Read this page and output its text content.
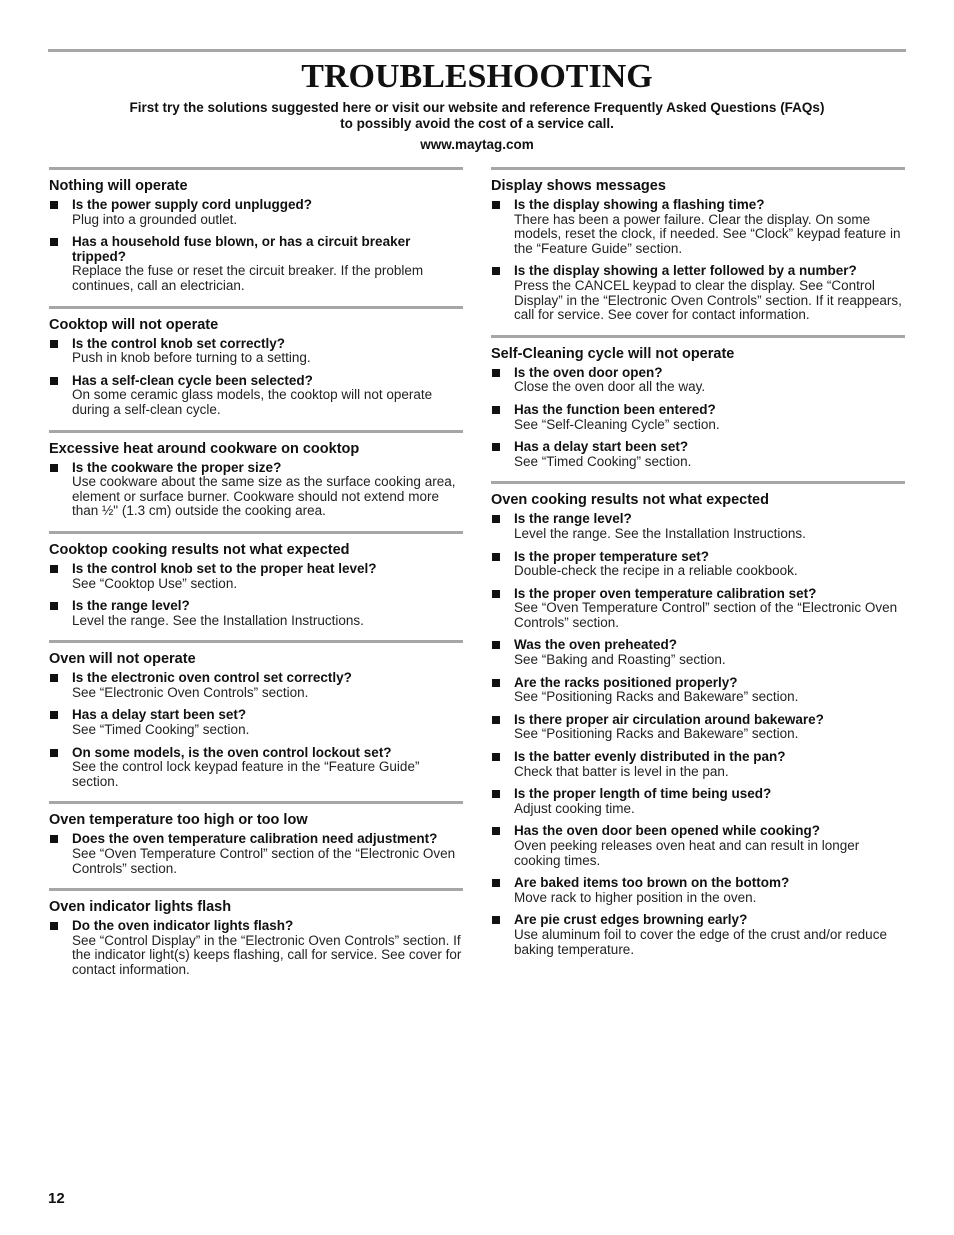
TROUBLESHOOTING
First try the solutions suggested here or visit our website and reference Frequently Asked Questions (FAQs)
to possibly avoid the cost of a service call.
www.maytag.com
Nothing will operate
Is the power supply cord unplugged?
Plug into a grounded outlet.
Has a household fuse blown, or has a circuit breaker tripped?
Replace the fuse or reset the circuit breaker. If the problem continues, call an electrician.
Cooktop will not operate
Is the control knob set correctly?
Push in knob before turning to a setting.
Has a self-clean cycle been selected?
On some ceramic glass models, the cooktop will not operate during a self-clean cycle.
Excessive heat around cookware on cooktop
Is the cookware the proper size?
Use cookware about the same size as the surface cooking area, element or surface burner. Cookware should not extend more than ½" (1.3 cm) outside the cooking area.
Cooktop cooking results not what expected
Is the control knob set to the proper heat level?
See “Cooktop Use” section.
Is the range level?
Level the range. See the Installation Instructions.
Oven will not operate
Is the electronic oven control set correctly?
See “Electronic Oven Controls” section.
Has a delay start been set?
See “Timed Cooking” section.
On some models, is the oven control lockout set?
See the control lock keypad feature in the “Feature Guide” section.
Oven temperature too high or too low
Does the oven temperature calibration need adjustment?
See “Oven Temperature Control” section of the “Electronic Oven Controls” section.
Oven indicator lights flash
Do the oven indicator lights flash?
See “Control Display” in the “Electronic Oven Controls” section. If the indicator light(s) keeps flashing, call for service. See cover for contact information.
Display shows messages
Is the display showing a flashing time?
There has been a power failure. Clear the display. On some models, reset the clock, if needed. See “Clock” keypad feature in the “Feature Guide” section.
Is the display showing a letter followed by a number?
Press the CANCEL keypad to clear the display. See “Control Display” in the “Electronic Oven Controls” section. If it reappears, call for service. See cover for contact information.
Self-Cleaning cycle will not operate
Is the oven door open?
Close the oven door all the way.
Has the function been entered?
See “Self-Cleaning Cycle” section.
Has a delay start been set?
See “Timed Cooking” section.
Oven cooking results not what expected
Is the range level?
Level the range. See the Installation Instructions.
Is the proper temperature set?
Double-check the recipe in a reliable cookbook.
Is the proper oven temperature calibration set?
See “Oven Temperature Control” section of the “Electronic Oven Controls” section.
Was the oven preheated?
See “Baking and Roasting” section.
Are the racks positioned properly?
See “Positioning Racks and Bakeware” section.
Is there proper air circulation around bakeware?
See “Positioning Racks and Bakeware” section.
Is the batter evenly distributed in the pan?
Check that batter is level in the pan.
Is the proper length of time being used?
Adjust cooking time.
Has the oven door been opened while cooking?
Oven peeking releases oven heat and can result in longer cooking times.
Are baked items too brown on the bottom?
Move rack to higher position in the oven.
Are pie crust edges browning early?
Use aluminum foil to cover the edge of the crust and/or reduce baking temperature.
12
